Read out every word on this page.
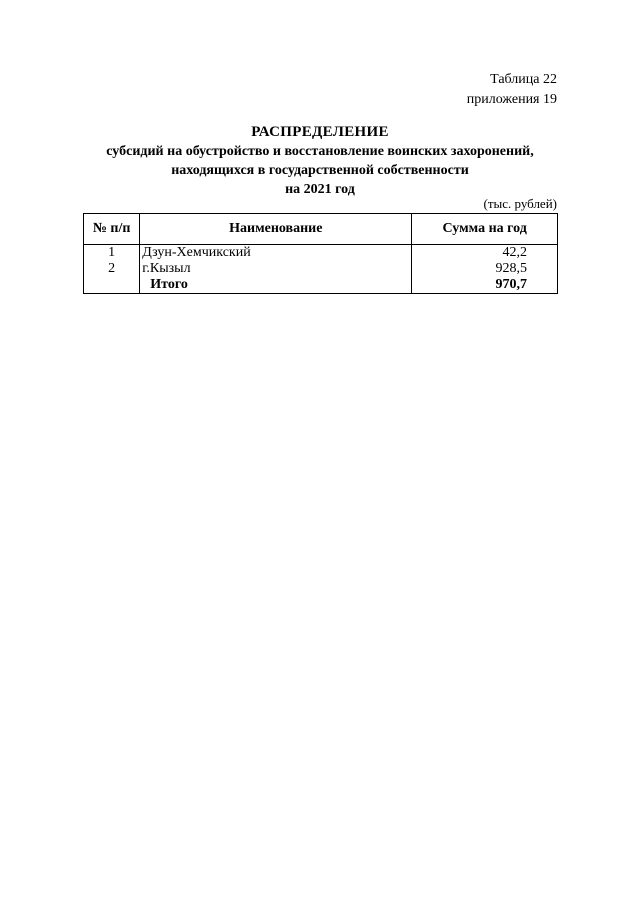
Таблица 22
приложения 19
РАСПРЕДЕЛЕНИЕ
субсидий на обустройство и восстановление воинских захоронений,
находящихся в государственной собственности
на 2021 год
(тыс. рублей)
№ п/п	Наименование	Сумма на год
1	Дзун-Хемчикский	42,2
2	г.Кызыл	928,5
	Итого	970,7
